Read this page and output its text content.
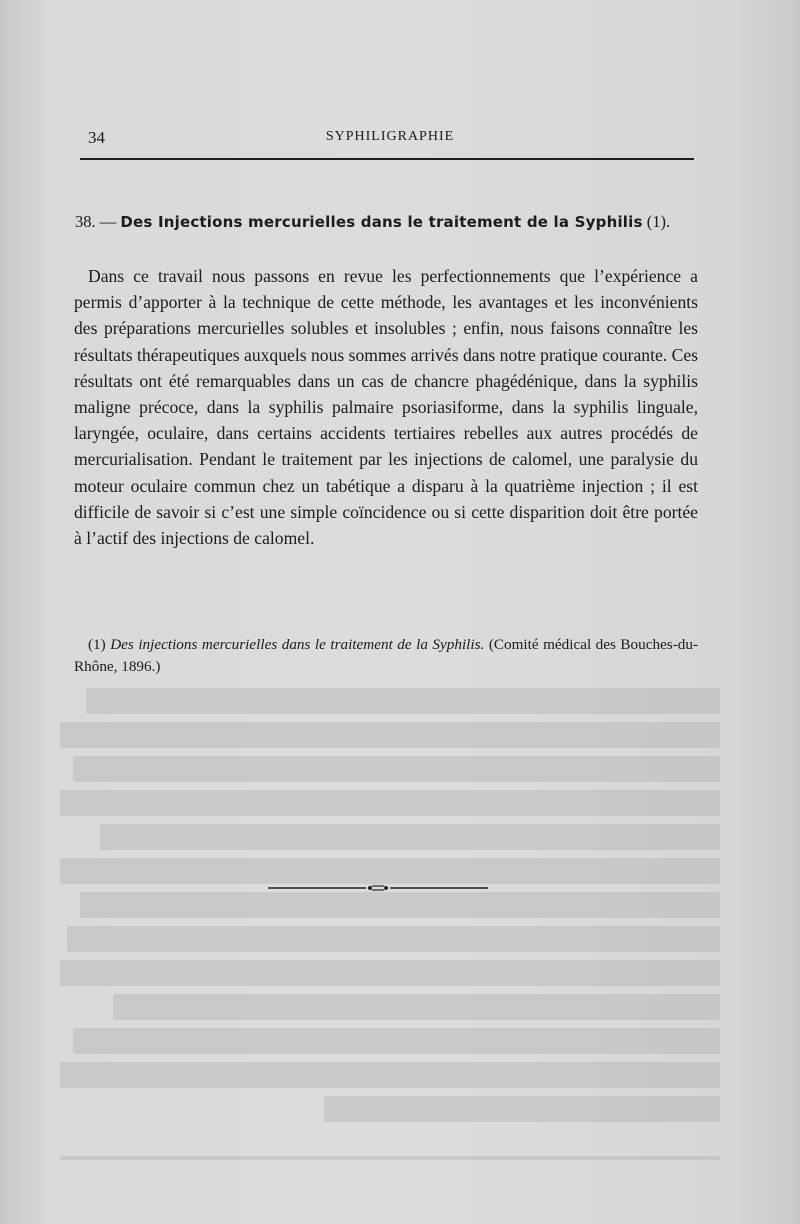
34	SYPHILIGRAPHIE
38. — Des Injections mercurielles dans le traitement de la Syphilis (1).

Dans ce travail nous passons en revue les perfectionnements que l’expérience a permis d’apporter à la technique de cette méthode, les avantages et les inconvénients des préparations mercurielles solubles et insolubles ; enfin, nous faisons connaître les résultats thérapeutiques auxquels nous sommes arrivés dans notre pratique courante. Ces résultats ont été remarquables dans un cas de chancre phagédénique, dans la syphilis maligne précoce, dans la syphilis palmaire psoriasiforme, dans la syphilis linguale, laryngée, oculaire, dans certains accidents tertiaires rebelles aux autres procédés de mercurialisation. Pendant le traitement par les injections de calomel, une paralysie du moteur oculaire commun chez un tabétique a disparu à la quatrième injection ; il est difficile de savoir si c’est une simple coïncidence ou si cette disparition doit être portée à l’actif des injections de calomel.

(1) Des injections mercurielles dans le traitement de la Syphilis. (Comité médical des Bouches-du-Rhône, 1896.)
